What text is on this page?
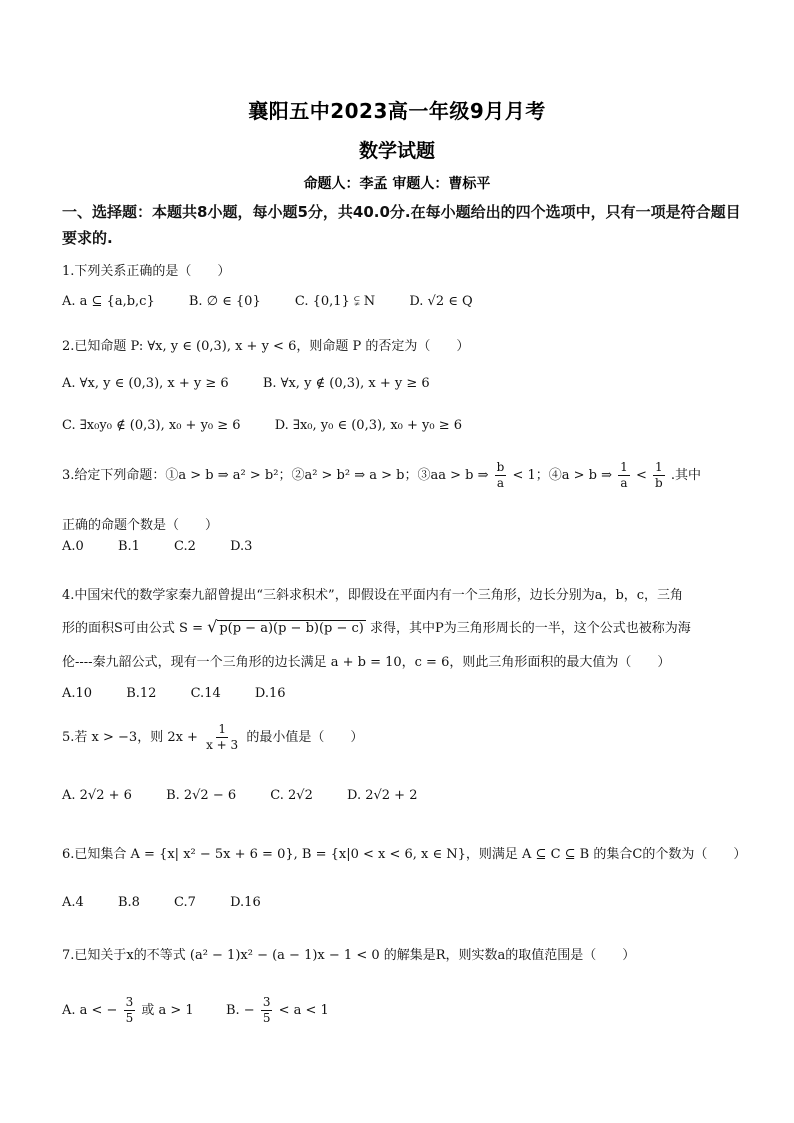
襄阳五中2023高一年级9月月考
数学试题
命题人：李孟 审题人：曹标平
一、选择题：本题共8小题，每小题5分，共40.0分.在每小题给出的四个选项中，只有一项是符合题目要求的.
1.下列关系正确的是（　　）
A. a ⊆ {a,b,c}	B. ∅ ∈ {0}	C. {0,1} ⫋ N	D. √2 ∈ Q
2.已知命题 P: ∀x, y ∈ (0,3), x + y < 6，则命题 P 的否定为（　　）
A. ∀x, y ∈ (0,3), x + y ≥ 6	B. ∀x, y ∉ (0,3), x + y ≥ 6
C. ∃x₀y₀ ∉ (0,3), x₀ + y₀ ≥ 6	D. ∃x₀, y₀ ∈ (0,3), x₀ + y₀ ≥ 6
3.给定下列命题：①a > b ⇒ a² > b²；②a² > b² ⇒ a > b；③aa > b ⇒ $\frac{b}{a} < 1$；④a > b ⇒ $\frac{1}{a} < \frac{1}{b}$ .其中
正确的命题个数是（　　）
A.0	B.1	C.2	D.3
4.中国宋代的数学家秦九韶曾提出“三斜求积术”，即假设在平面内有一个三角形，边长分别为a，b，c，三角
形的面积S可由公式 S = √ p(p − a)(p − b)(p − c) 求得，其中P为三角形周长的一半，这个公式也被称为海
伦----秦九韶公式，现有一个三角形的边长满足 a + b = 10，c = 6，则此三角形面积的最大值为（　　）
A.10	B.12	C.14	D.16
5.若 x > −3，则 $2x + \frac{1}{x + 3}$ 的最小值是（　　）
A. 2√2 + 6	B. 2√2 − 6	C. 2√2	D. 2√2 + 2
6.已知集合 A = {x| x² − 5x + 6 = 0}, B = {x|0 < x < 6, x ∈ N}，则满足 A ⊆ C ⊆ B 的集合C的个数为（　　）
A.4	B.8	C.7	D.16
7.已知关于x的不等式 (a² − 1)x² − (a − 1)x − 1 < 0 的解集是R，则实数a的取值范围是（　　）
A. a < − $\frac{3}{5}$ 或 a > 1 B. − $\frac{3}{5} < a < 1$
